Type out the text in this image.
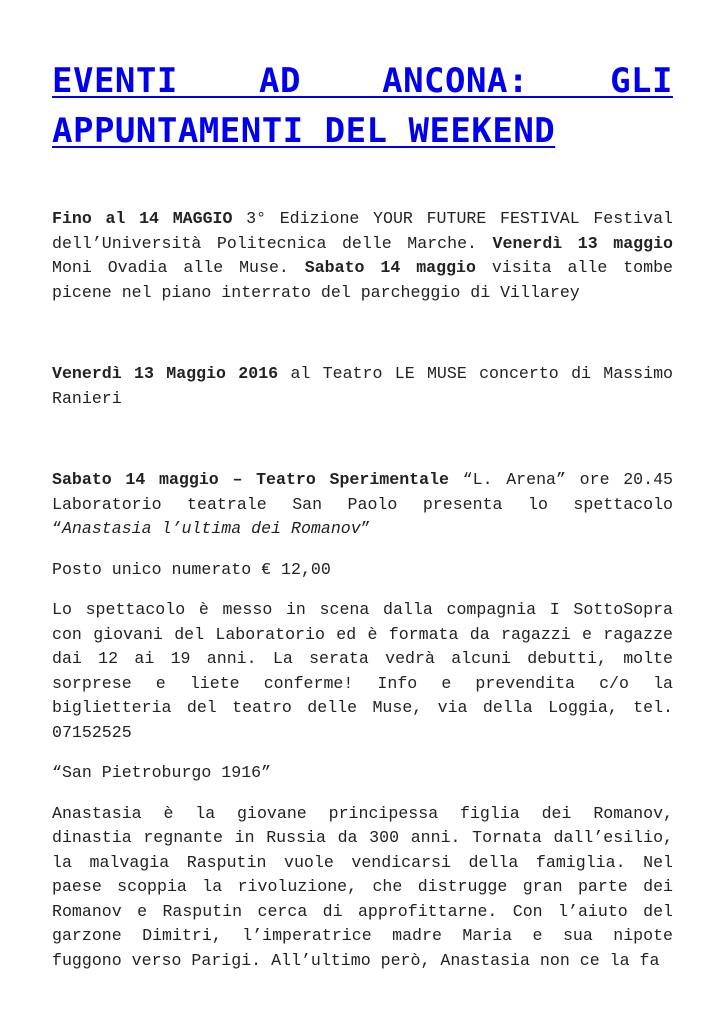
EVENTI AD ANCONA: GLI APPUNTAMENTI DEL WEEKEND

Fino al 14 MAGGIO 3° Edizione YOUR FUTURE FESTIVAL Festival dell’Università Politecnica delle Marche. Venerdì 13 maggio Moni Ovadia alle Muse. Sabato 14 maggio visita alle tombe picene nel piano interrato del parcheggio di Villarey

Venerdì 13 Maggio 2016 al Teatro LE MUSE concerto di Massimo Ranieri

Sabato 14 maggio – Teatro Sperimentale “L. Arena” ore 20.45 Laboratorio teatrale San Paolo presenta lo spettacolo “Anastasia l’ultima dei Romanov”

Posto unico numerato € 12,00

Lo spettacolo è messo in scena dalla compagnia I SottoSopra con giovani del Laboratorio ed è formata da ragazzi e ragazze dai 12 ai 19 anni. La serata vedrà alcuni debutti, molte sorprese e liete conferme! Info e prevendita c/o la biglietteria del teatro delle Muse, via della Loggia, tel. 07152525

“San Pietroburgo 1916”

Anastasia è la giovane principessa figlia dei Romanov, dinastia regnante in Russia da 300 anni. Tornata dall’esilio, la malvagia Rasputin vuole vendicarsi della famiglia. Nel paese scoppia la rivoluzione, che distrugge gran parte dei Romanov e Rasputin cerca di approfittarne. Con l’aiuto del garzone Dimitri, l’imperatrice madre Maria e sua nipote fuggono verso Parigi. All’ultimo però, Anastasia non ce la fa
